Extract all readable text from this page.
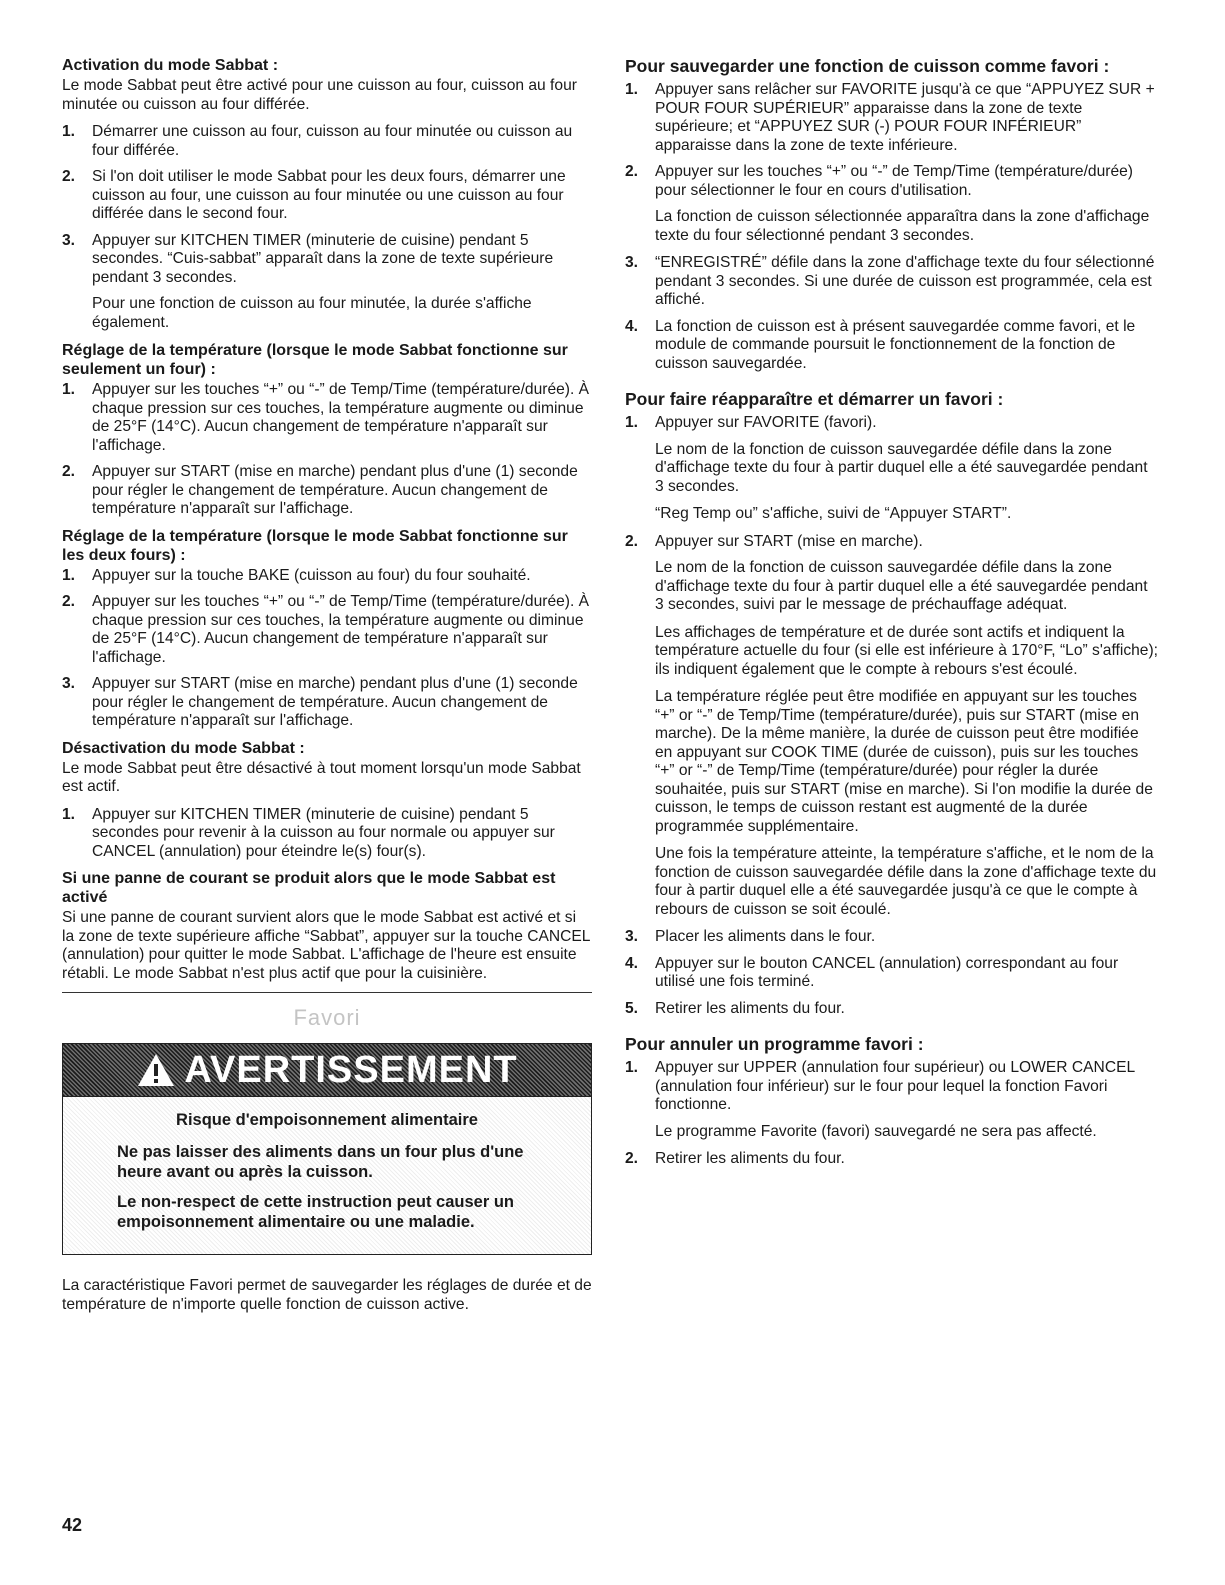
Activation du mode Sabbat :

Le mode Sabbat peut être activé pour une cuisson au four, cuisson au four minutée ou cuisson au four différée.

1.	Démarrer une cuisson au four, cuisson au four minutée ou cuisson au four différée.
2.	Si l'on doit utiliser le mode Sabbat pour les deux fours, démarrer une cuisson au four, une cuisson au four minutée ou une cuisson au four différée dans le second four.
3.	Appuyer sur KITCHEN TIMER (minuterie de cuisine) pendant 5 secondes. “Cuis-sabbat” apparaît dans la zone de texte supérieure pendant 3 secondes.

Pour une fonction de cuisson au four minutée, la durée s'affiche également.

Réglage de la température (lorsque le mode Sabbat fonctionne sur seulement un four) :
1.	Appuyer sur les touches “+” ou “-” de Temp/Time (température/durée). À chaque pression sur ces touches, la température augmente ou diminue de 25°F (14°C). Aucun changement de température n'apparaît sur l'affichage.
2.	Appuyer sur START (mise en marche) pendant plus d'une (1) seconde pour régler le changement de température. Aucun changement de température n'apparaît sur l'affichage.
Réglage de la température (lorsque le mode Sabbat fonctionne sur les deux fours) :
1.	Appuyer sur la touche BAKE (cuisson au four) du four souhaité.
2.	Appuyer sur les touches “+” ou “-” de Temp/Time (température/durée). À chaque pression sur ces touches, la température augmente ou diminue de 25°F (14°C). Aucun changement de température n'apparaît sur l'affichage.
3.	Appuyer sur START (mise en marche) pendant plus d'une (1) seconde pour régler le changement de température. Aucun changement de température n'apparaît sur l'affichage.
Désactivation du mode Sabbat :

Le mode Sabbat peut être désactivé à tout moment lorsqu'un mode Sabbat est actif.

1.	Appuyer sur KITCHEN TIMER (minuterie de cuisine) pendant 5 secondes pour revenir à la cuisson au four normale ou appuyer sur CANCEL (annulation) pour éteindre le(s) four(s).
Si une panne de courant se produit alors que le mode Sabbat est activé

Si une panne de courant survient alors que le mode Sabbat est activé et si la zone de texte supérieure affiche “Sabbat”, appuyer sur la touche CANCEL (annulation) pour quitter le mode Sabbat. L'affichage de l'heure est ensuite rétabli. Le mode Sabbat n'est plus actif que pour la cuisinière.

Favori
AVERTISSEMENT
Risque d'empoisonnement alimentaire
Ne pas laisser des aliments dans un four plus d'une heure avant ou après la cuisson.
Le non-respect de cette instruction peut causer un empoisonnement alimentaire ou une maladie.

La caractéristique Favori permet de sauvegarder les réglages de durée et de température de n'importe quelle fonction de cuisson active.

Pour sauvegarder une fonction de cuisson comme favori :
1.	Appuyer sans relâcher sur FAVORITE jusqu'à ce que “APPUYEZ SUR + POUR FOUR SUPÉRIEUR” apparaisse dans la zone de texte supérieure; et “APPUYEZ SUR (-) POUR FOUR INFÉRIEUR” apparaisse dans la zone de texte inférieure.
2.	Appuyer sur les touches “+” ou “-” de Temp/Time (température/durée) pour sélectionner le four en cours d'utilisation.

La fonction de cuisson sélectionnée apparaîtra dans la zone d'affichage texte du four sélectionné pendant 3 secondes.

3.	“ENREGISTRÉ” défile dans la zone d'affichage texte du four sélectionné pendant 3 secondes. Si une durée de cuisson est programmée, cela est affiché.
4.	La fonction de cuisson est à présent sauvegardée comme favori, et le module de commande poursuit le fonctionnement de la fonction de cuisson sauvegardée.
Pour faire réapparaître et démarrer un favori :
1.	Appuyer sur FAVORITE (favori).

Le nom de la fonction de cuisson sauvegardée défile dans la zone d'affichage texte du four à partir duquel elle a été sauvegardée pendant 3 secondes.

“Reg Temp ou” s'affiche, suivi de “Appuyer START”.

2.	Appuyer sur START (mise en marche).

Le nom de la fonction de cuisson sauvegardée défile dans la zone d'affichage texte du four à partir duquel elle a été sauvegardée pendant 3 secondes, suivi par le message de préchauffage adéquat.

Les affichages de température et de durée sont actifs et indiquent la température actuelle du four (si elle est inférieure à 170°F, “Lo” s'affiche); ils indiquent également que le compte à rebours s'est écoulé.

La température réglée peut être modifiée en appuyant sur les touches “+” or “-” de Temp/Time (température/durée), puis sur START (mise en marche). De la même manière, la durée de cuisson peut être modifiée en appuyant sur COOK TIME (durée de cuisson), puis sur les touches “+” or “-” de Temp/Time (température/durée) pour régler la durée souhaitée, puis sur START (mise en marche). Si l'on modifie la durée de cuisson, le temps de cuisson restant est augmenté de la durée programmée supplémentaire.

Une fois la température atteinte, la température s'affiche, et le nom de la fonction de cuisson sauvegardée défile dans la zone d'affichage texte du four à partir duquel elle a été sauvegardée jusqu'à ce que le compte à rebours de cuisson se soit écoulé.

3.	Placer les aliments dans le four.
4.	Appuyer sur le bouton CANCEL (annulation) correspondant au four utilisé une fois terminé.
5.	Retirer les aliments du four.
Pour annuler un programme favori :
1.	Appuyer sur UPPER (annulation four supérieur) ou LOWER CANCEL (annulation four inférieur) sur le four pour lequel la fonction Favori fonctionne.

Le programme Favorite (favori) sauvegardé ne sera pas affecté.

2.	Retirer les aliments du four.
42
